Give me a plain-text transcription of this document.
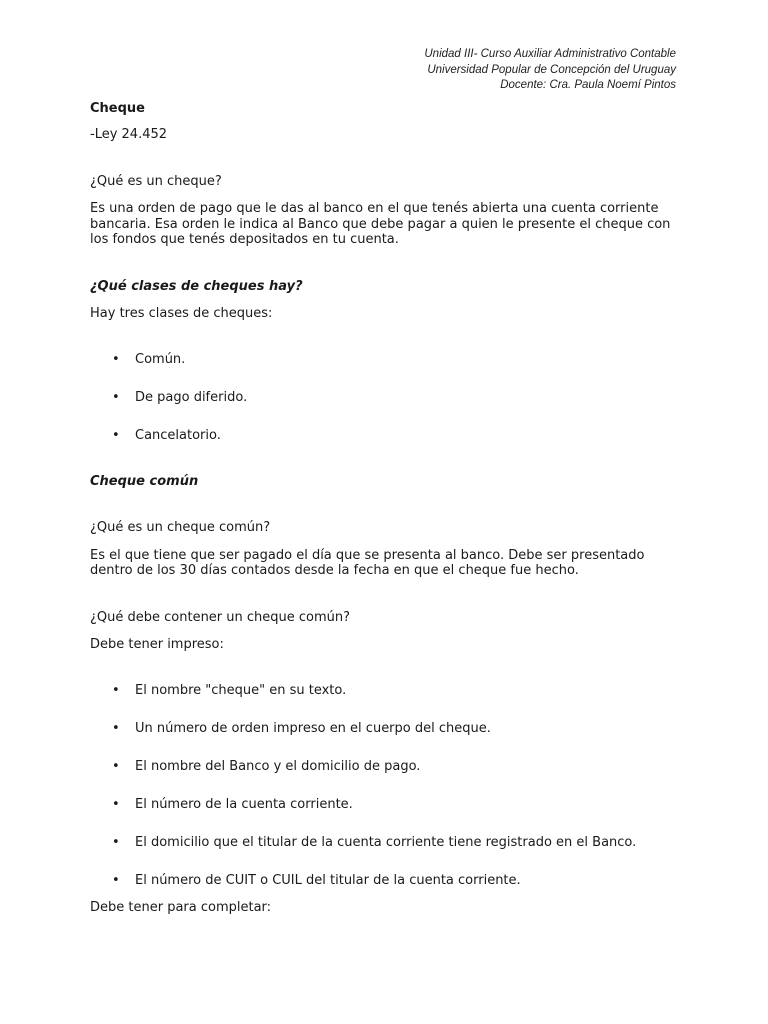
Unidad III- Curso Auxiliar Administrativo Contable
Universidad Popular de Concepción del Uruguay
Docente: Cra. Paula Noemí Pintos
Cheque
-Ley 24.452
¿Qué es un cheque?
Es una orden de pago que le das al banco en el que tenés abierta una cuenta corriente bancaria. Esa orden le indica al Banco que debe pagar a quien le presente el cheque con los fondos que tenés depositados en tu cuenta.
¿Qué clases de cheques hay?
Hay tres clases de cheques:
• Común.
• De pago diferido.
• Cancelatorio.
Cheque común
¿Qué es un cheque común?
Es el que tiene que ser pagado el día que se presenta al banco. Debe ser presentado dentro de los 30 días contados desde la fecha en que el cheque fue hecho.
¿Qué debe contener un cheque común?
Debe tener impreso:
• El nombre "cheque" en su texto.
• Un número de orden impreso en el cuerpo del cheque.
• El nombre del Banco y el domicilio de pago.
• El número de la cuenta corriente.
• El domicilio que el titular de la cuenta corriente tiene registrado en el Banco.
• El número de CUIT o CUIL del titular de la cuenta corriente.
Debe tener para completar:
